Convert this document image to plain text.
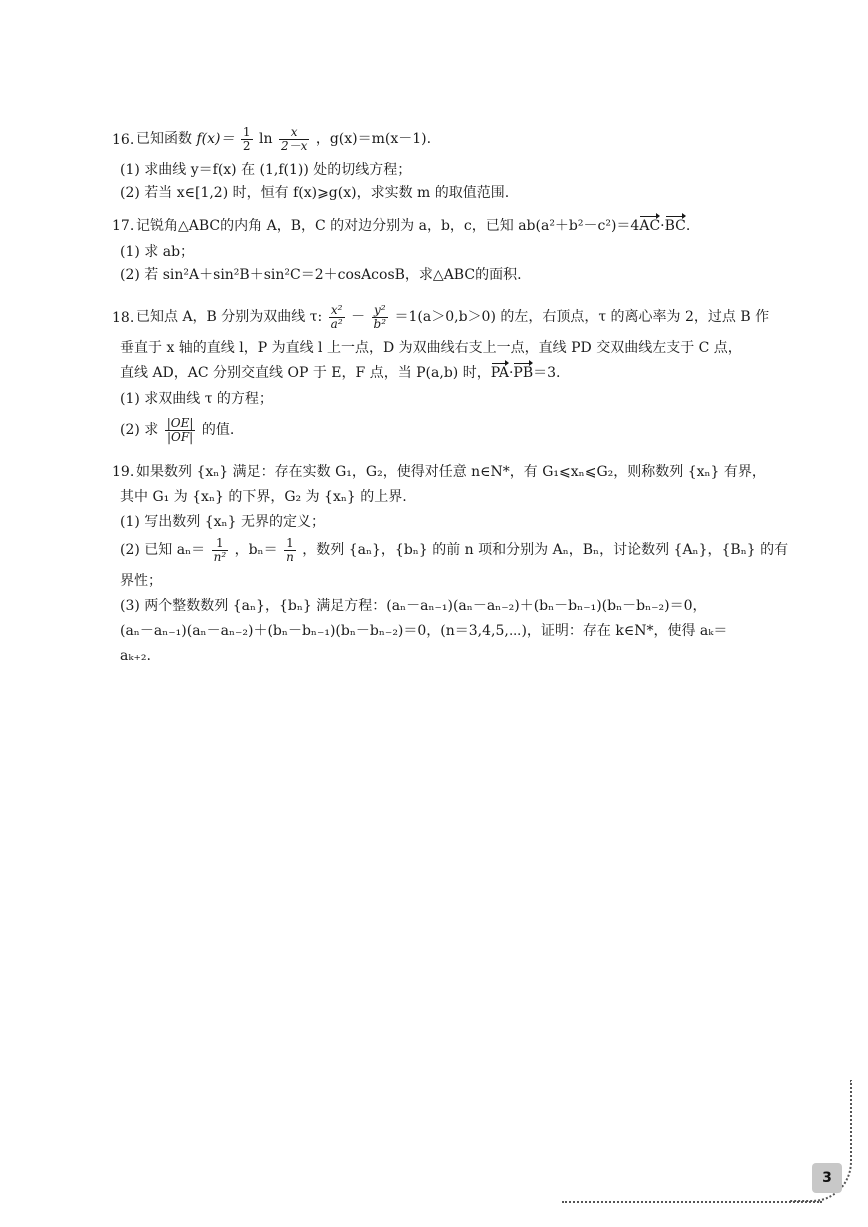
16. 已知函数 $f(x)= \frac{1}{2}$ $\ln \frac{x}{2-x}$ ，g(x)＝m(x－1).
(1) 求曲线 y＝f(x) 在 (1,f(1)) 处的切线方程；
(2) 若当 x∈[1,2) 时，恒有 f(x)⩾g(x)，求实数 m 的取值范围.
17. 记锐角△ABC的内角 A，B，C 的对边分别为 a，b，c，已知 ab(a²＋b²－c²)＝4AC·BC.
(1) 求 ab；
(2) 若 sin²A＋sin²B＋sin²C＝2＋cosAcosB，求△ABC的面积.
18. 已知点 A，B 分别为双曲线 τ: $\frac{\text{x²}}{\text{a²}} - \frac{\text{y²}}{\text{b²}} =1(a>0,b>0)$ 的左，右顶点，τ 的离心率为 2，过点 B 作
垂直于 x 轴的直线 l，P 为直线 l 上一点，D 为双曲线右支上一点，直线 PD 交双曲线左支于 C 点，
直线 AD，AC 分别交直线 OP 于 E，F 点，当 P(a,b) 时，PA·PB＝3.
(1) 求双曲线 τ 的方程；
(2) 求 $\frac{|OE|}{|OF|}$ 的值.
19. 如果数列 {xₙ} 满足：存在实数 G₁，G₂，使得对任意 n∈N*，有 G₁⩽xₙ⩽G₂，则称数列 {xₙ} 有界，
其中 G₁ 为 {xₙ} 的下界，G₂ 为 {xₙ} 的上界.
(1) 写出数列 {xₙ} 无界的定义；
(2) 已知 $a_n= \frac{1}{\text{n²}}$ ，$b_n= \frac{1}{n}$ ，数列 {aₙ}，{bₙ} 的前 n 项和分别为 Aₙ，Bₙ，讨论数列 {Aₙ}，{Bₙ} 的有
界性；
(3) 两个整数数列 {aₙ}，{bₙ} 满足方程：(aₙ－aₙ₋₁)(aₙ－aₙ₋₂)＋(bₙ－bₙ₋₁)(bₙ－bₙ₋₂)＝0，
(aₙ－aₙ₋₁)(aₙ－aₙ₋₂)＋(bₙ－bₙ₋₁)(bₙ－bₙ₋₂)＝0，(n＝3,4,5,⋯)，证明：存在 k∈N*，使得 aₖ＝
aₖ₊₂.
3
